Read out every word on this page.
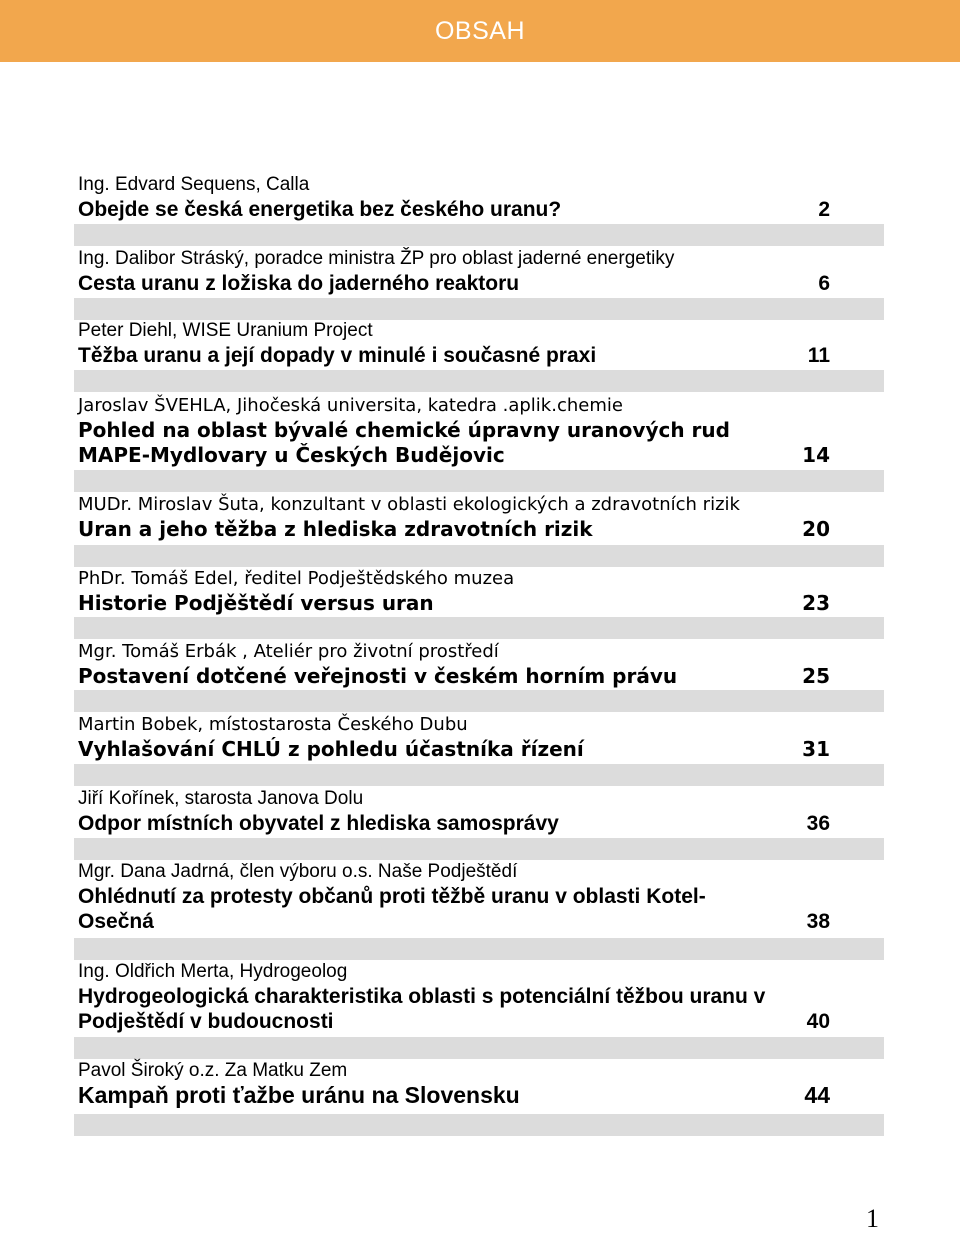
OBSAH
Ing. Edvard Sequens, Calla
Obejde se česká energetika bez českého uranu?	2
Ing. Dalibor Stráský, poradce ministra ŽP pro oblast jaderné energetiky
Cesta uranu z ložiska do jaderného reaktoru	6
Peter Diehl, WISE Uranium Project
Těžba uranu a její dopady v minulé i současné praxi	11
Jaroslav ŠVEHLA, Jihočeská universita, katedra .aplik.chemie
Pohled na oblast bývalé chemické úpravny uranových rud MAPE-Mydlovary u Českých Budějovic	14
MUDr. Miroslav Šuta, konzultant v oblasti ekologických a zdravotních rizik
Uran a jeho těžba z hlediska zdravotních rizik	20
PhDr. Tomáš Edel, ředitel Podještědského muzea
Historie Podjěštědí versus uran	23
Mgr. Tomáš Erbák , Ateliér pro životní prostředí
Postavení dotčené veřejnosti v českém horním právu	25
Martin Bobek, místostarosta Českého Dubu
Vyhlašování CHLÚ z pohledu účastníka řízení	31
Jiří Kořínek, starosta Janova Dolu
Odpor místních obyvatel z hlediska samosprávy	36
Mgr. Dana Jadrná, člen výboru o.s. Naše Podještědí
Ohlédnutí za protesty občanů proti těžbě uranu v oblasti Kotel-Osečná	38
Ing. Oldřich Merta, Hydrogeolog
Hydrogeologická charakteristika oblasti s potenciální těžbou uranu v Podještědí v budoucnosti	40
Pavol Široký o.z. Za Matku Zem
Kampaň proti ťažbe uránu na Slovensku	44
1
